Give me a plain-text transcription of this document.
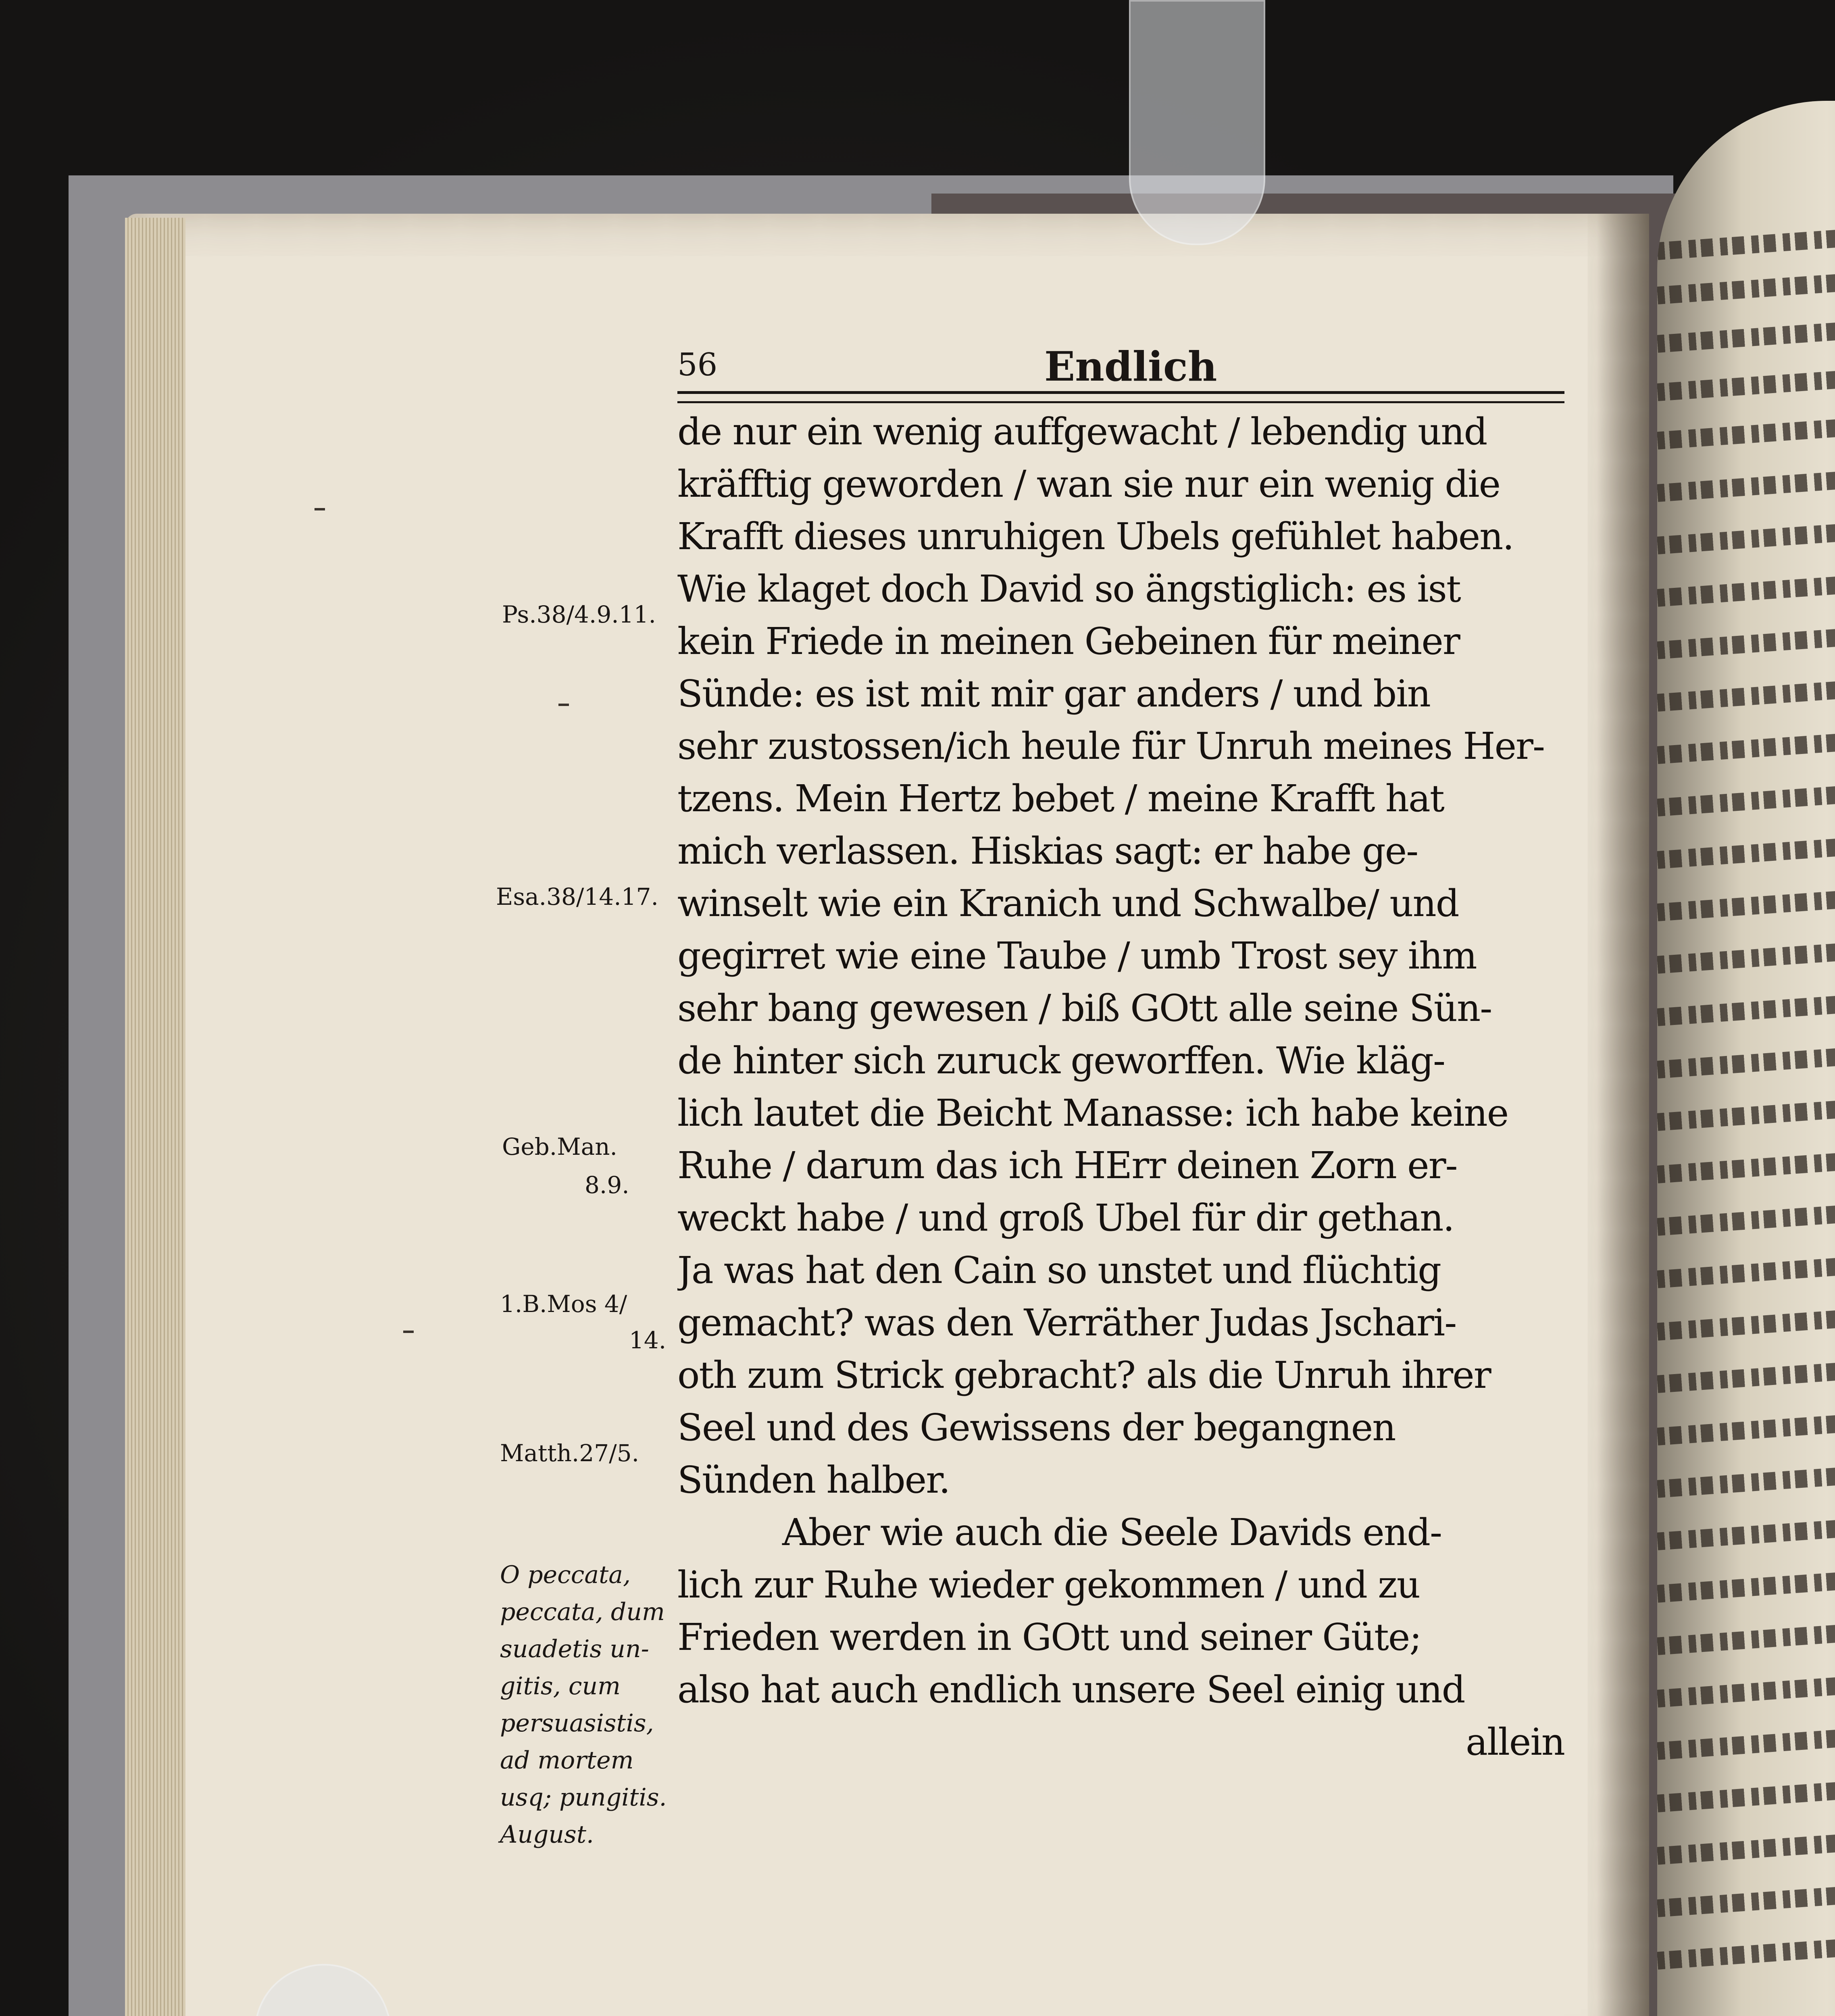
56	Endlich
de nur ein wenig auffgewacht / lebendig und
kräfftig geworden / wan sie nur ein wenig die
Krafft dieses unruhigen Ubels gefühlet haben.
Wie klaget doch David so ängstiglich: es ist
kein Friede in meinen Gebeinen für meiner
Sünde: es ist mit mir gar anders / und bin
sehr zustossen/ich heule für Unruh meines Her-
tzens. Mein Hertz bebet / meine Krafft hat
mich verlassen. Hiskias sagt: er habe ge-
winselt wie ein Kranich und Schwalbe/ und
gegirret wie eine Taube / umb Trost sey ihm
sehr bang gewesen / biß GOtt alle seine Sün-
de hinter sich zuruck geworffen. Wie kläg-
lich lautet die Beicht Manasse: ich habe keine
Ruhe / darum das ich HErr deinen Zorn er-
weckt habe / und groß Ubel für dir gethan.
Ja was hat den Cain so unstet und flüchtig
gemacht? was den Verräther Judas Jschari-
oth zum Strick gebracht? als die Unruh ihrer
Seel und des Gewissens der begangnen
Sünden halber.
Aber wie auch die Seele Davids end-
lich zur Ruhe wieder gekommen / und zu
Frieden werden in GOtt und seiner Güte;
also hat auch endlich unsere Seel einig und
allein
Ps.38/4.9.11.
Esa.38/14.17.
Geb.Man.
8.9.
1.B.Mos 4/
14.
Matth.27/5.
O peccata,
peccata, dum
suadetis un-
gitis, cum
persuasistis,
ad mortem
usq; pungitis.
August.
